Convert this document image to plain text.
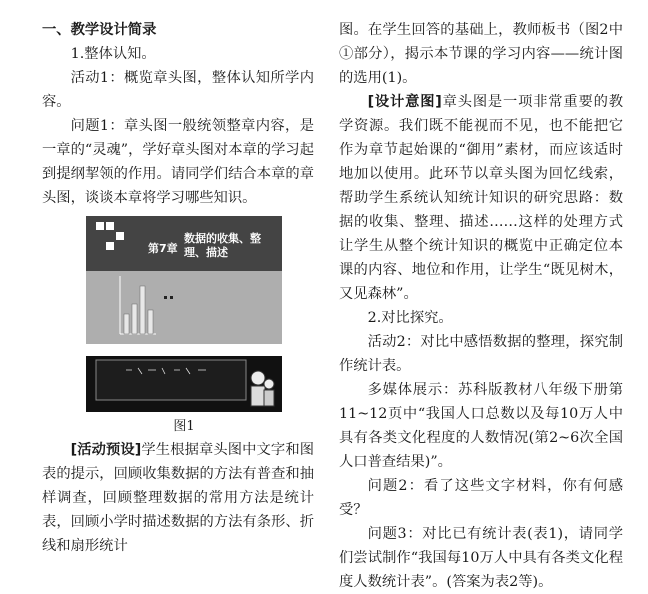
一、教学设计简录

1.整体认知。

活动1：概览章头图，整体认知所学内容。

问题1：章头图一般统领整章内容，是一章的“灵魂”，学好章头图对本章的学习起到提纲挈领的作用。请同学们结合本章的章头图，谈谈本章将学习哪些知识。

第7章
数据的收集、整理、描述
图1

[活动预设]学生根据章头图中文字和图表的提示，回顾收集数据的方法有普查和抽样调查，回顾整理数据的常用方法是统计表，回顾小学时描述数据的方法有条形、折线和扇形统计

图。在学生回答的基础上，教师板书（图2中①部分），揭示本节课的学习内容——统计图的选用(1)。

[设计意图]章头图是一项非常重要的教学资源。我们既不能视而不见，也不能把它作为章节起始课的“御用”素材，而应该适时地加以使用。此环节以章头图为回忆线索，帮助学生系统认知统计知识的研究思路：数据的收集、整理、描述……这样的处理方式让学生从整个统计知识的概览中正确定位本课的内容、地位和作用，让学生“既见树木，又见森林”。

2.对比探究。

活动2：对比中感悟数据的整理，探究制作统计表。

多媒体展示：苏科版教材八年级下册第11~12页中“我国人口总数以及每10万人中具有各类文化程度的人数情况(第2~6次全国人口普查结果)”。

问题2：看了这些文字材料，你有何感受？

问题3：对比已有统计表(表1)，请同学们尝试制作“我国每10万人中具有各类文化程度人数统计表”。(答案为表2等)。
